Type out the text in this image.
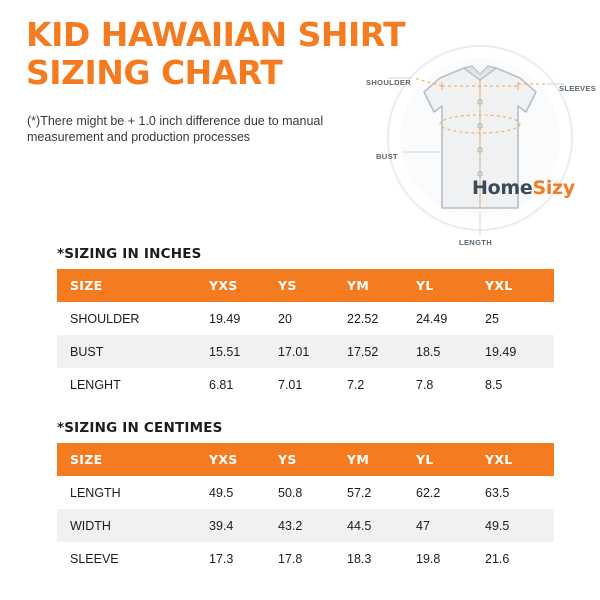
KID HAWAIIAN SHIRT
SIZING CHART
(*)There might be + 1.0 inch difference due to manual measurement and production processes
SHOULDER
SLEEVES
BUST
LENGTH
HomeSizy
*SIZING IN INCHES
SIZE	YXS	YS	YM	YL	YXL
SHOULDER	19.49	20	22.52	24.49	25
BUST	15.51	17.01	17.52	18.5	19.49
LENGHT	6.81	7.01	7.2	7.8	8.5
*SIZING IN CENTIMES
SIZE	YXS	YS	YM	YL	YXL
LENGTH	49.5	50.8	57.2	62.2	63.5
WIDTH	39.4	43.2	44.5	47	49.5
SLEEVE	17.3	17.8	18.3	19.8	21.6
